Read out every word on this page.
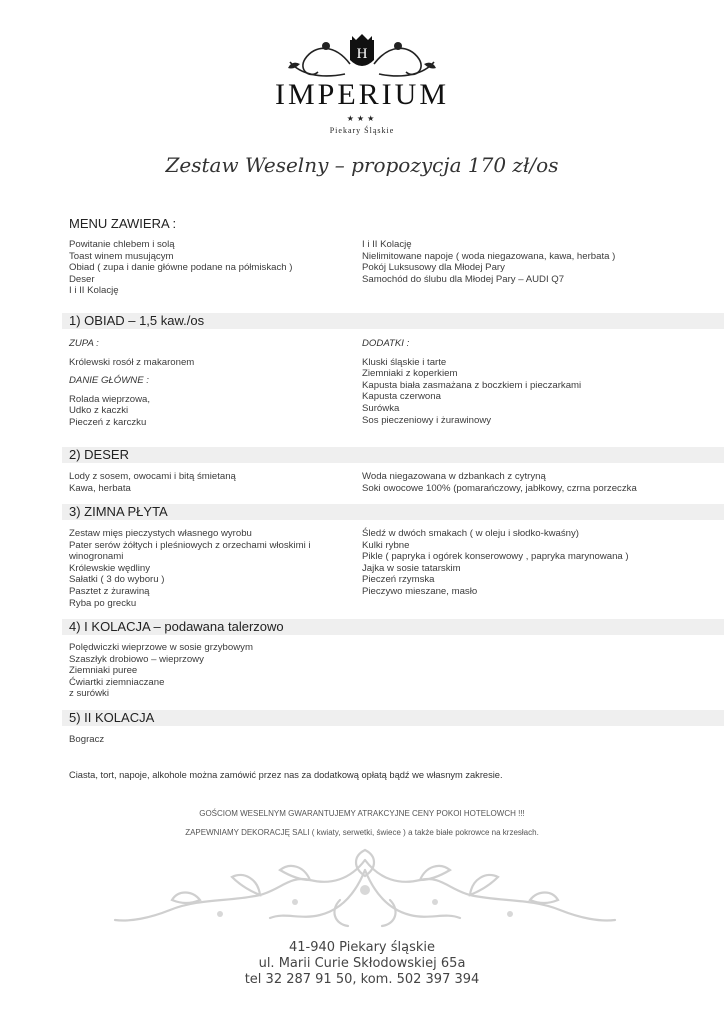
H
IMPERIUM
★★★
Piekary Śląskie
Zestaw Weselny – propozycja 170 zł/os
MENU ZAWIERA :
Powitanie chlebem i solą
Toast winem musującym
Obiad ( zupa i danie główne podane na półmiskach )
Deser
I i II Kolację
I i II Kolację
Nielimitowane napoje ( woda niegazowana, kawa, herbata )
Pokój Luksusowy dla Młodej Pary
Samochód do ślubu dla Młodej Pary – AUDI Q7
1) OBIAD – 1,5 kaw./os
ZUPA :
Królewski rosół z makaronem
DANIE GŁÓWNE :
Rolada wieprzowa,
Udko z kaczki
Pieczeń z karczku
DODATKI :
Kluski śląskie i tarte
Ziemniaki z koperkiem
Kapusta biała zasmażana z boczkiem i pieczarkami
Kapusta czerwona
Surówka
Sos pieczeniowy i żurawinowy
2) DESER
Lody z sosem, owocami i bitą śmietaną
Kawa, herbata
Woda niegazowana w dzbankach z cytryną
Soki owocowe 100% (pomarańczowy, jabłkowy, czrna porzeczka
3) ZIMNA PŁYTA
Zestaw mięs pieczystych własnego wyrobu
Pater serów żółtych i pleśniowych z orzechami włoskimi i
winogronami
Królewskie wędliny
Sałatki ( 3 do wyboru )
Pasztet z żurawiną
Ryba po grecku
Śledź w dwóch smakach ( w oleju i słodko-kwaśny)
Kulki rybne
Pikle ( papryka i ogórek konserowowy , papryka marynowana )
Jajka w sosie tatarskim
Pieczeń rzymska
Pieczywo mieszane, masło
4) I KOLACJA – podawana talerzowo
Polędwiczki wieprzowe w sosie grzybowym
Szaszłyk drobiowo – wieprzowy
Ziemniaki puree
Ćwiartki ziemniaczane
z surówki
5) II KOLACJA
Bogracz
Ciasta, tort, napoje, alkohole można zamówić przez nas za dodatkową opłatą bądź we własnym zakresie.
GOŚCIOM WESELNYM GWARANTUJEMY ATRAKCYJNE CENY POKOI HOTELOWCH !!!
ZAPEWNIAMY DEKORACJĘ SALI ( kwiaty, serwetki, świece ) a także białe pokrowce na krzesłach.
41-940 Piekary śląskie
ul. Marii Curie Skłodowskiej 65a
tel 32 287 91 50, kom. 502 397 394
